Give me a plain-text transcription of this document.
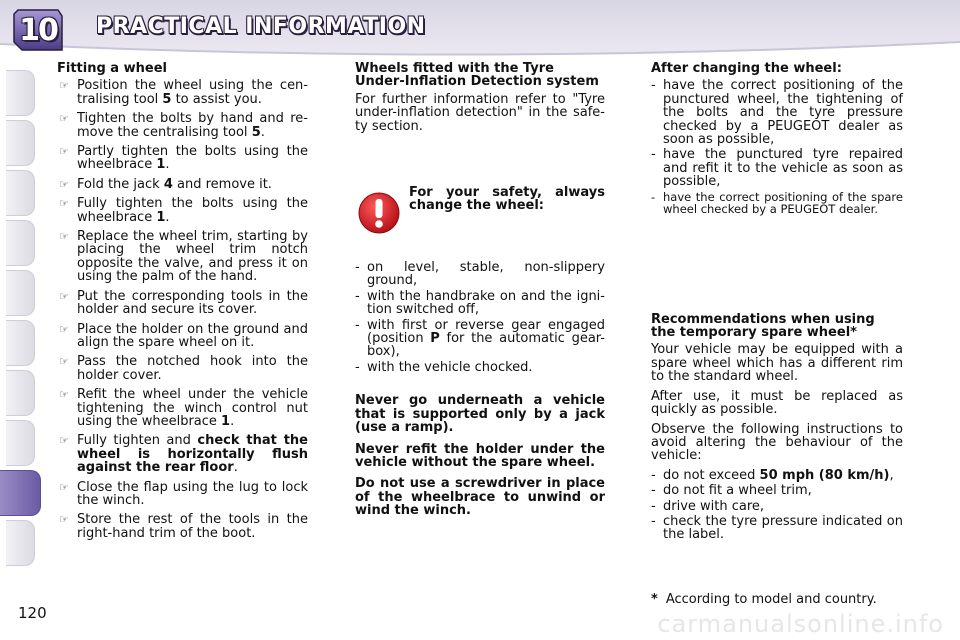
10	PRACTICAL INFORMATION
120
Fitting a wheel
☞ Position the wheel using the cen-tralising tool 5 to assist you.
☞ Tighten the bolts by hand and re-move the centralising tool 5.
☞ Partly tighten the bolts using the wheelbrace 1.
☞ Fold the jack 4 and remove it.
☞ Fully tighten the bolts using the wheelbrace 1.
☞ Replace the wheel trim, starting by placing the wheel trim notch opposite the valve, and press it on using the palm of the hand.
☞ Put the corresponding tools in the holder and secure its cover.
☞ Place the holder on the ground and align the spare wheel on it.
☞ Pass the notched hook into the holder cover.
☞ Refit the wheel under the vehicle tightening the winch control nut using the wheelbrace 1.
☞ Fully tighten and check that the wheel is horizontally flush against the rear floor.
☞ Close the flap using the lug to lock the winch.
☞ Store the rest of the tools in the right-hand trim of the boot.
Wheels fitted with the Tyre Under-Inflation Detection system
For further information refer to "Tyre under-inflation detection" in the safe-ty section.
For your safety, always change the wheel:
- on level, stable, non-slippery ground,
- with the handbrake on and the igni-tion switched off,
- with first or reverse gear engaged (position P for the automatic gear-box),
- with the vehicle chocked.
Never go underneath a vehicle that is supported only by a jack (use a ramp).
Never refit the holder under the vehicle without the spare wheel.
Do not use a screwdriver in place of the wheelbrace to unwind or wind the winch.
After changing the wheel:
- have the correct positioning of the punctured wheel, the tightening of the bolts and the tyre pressure checked by a PEUGEOT dealer as soon as possible,
- have the punctured tyre repaired and refit it to the vehicle as soon as possible,
- have the correct positioning of the spare wheel checked by a PEUGEOT dealer.
Recommendations when using the temporary spare wheel*
Your vehicle may be equipped with a spare wheel which has a different rim to the standard wheel.
After use, it must be replaced as quickly as possible.
Observe the following instructions to avoid altering the behaviour of the vehicle:
- do not exceed 50 mph (80 km/h),
- do not fit a wheel trim,
- drive with care,
- check the tyre pressure indicated on the label.
* According to model and country.
carmanualsonline.info
